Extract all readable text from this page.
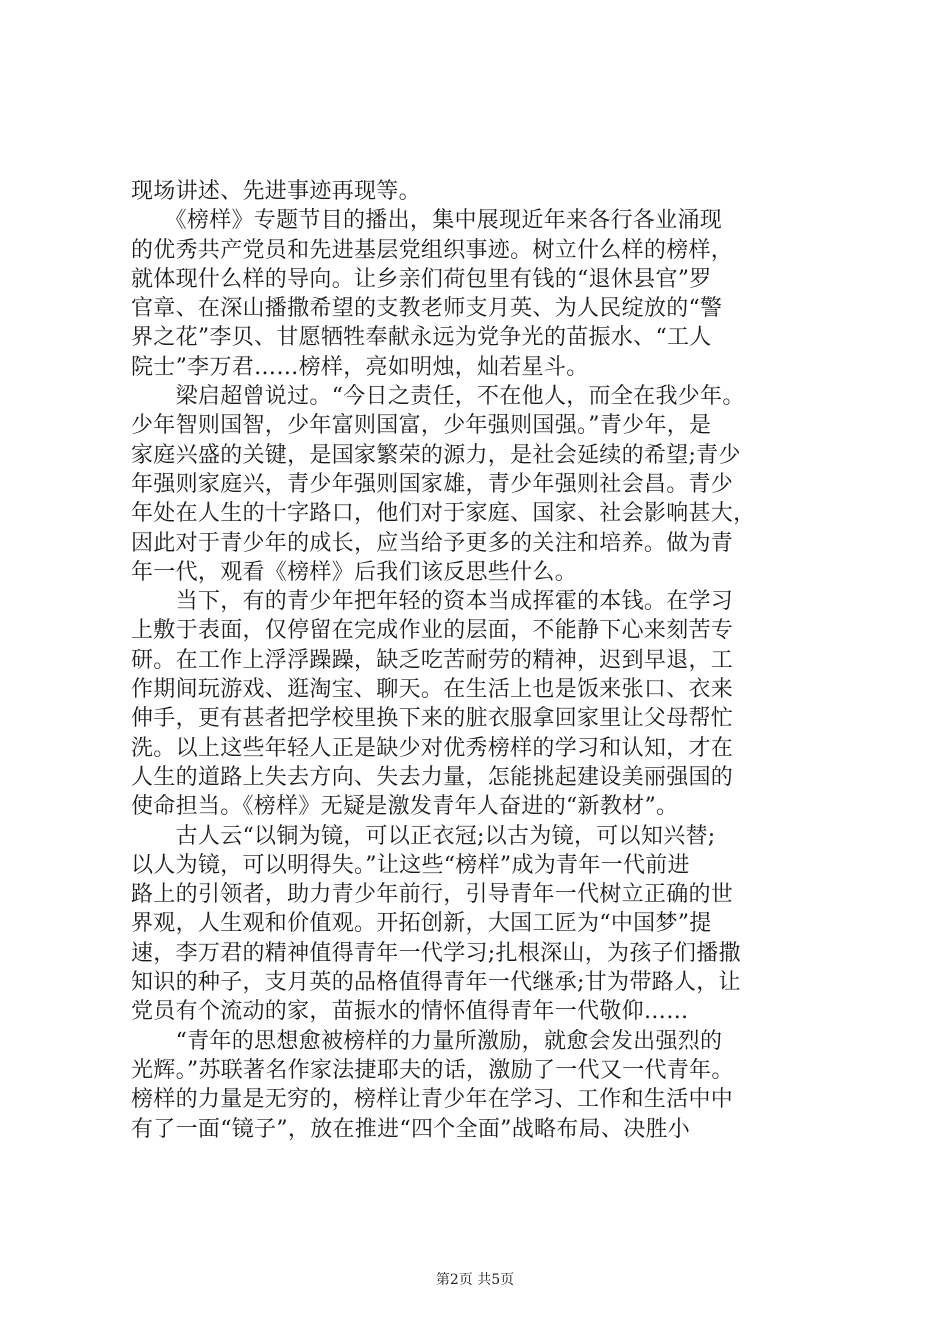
现场讲述、先进事迹再现等。
　　《榜样》专题节目的播出，集中展现近年来各行各业涌现
的优秀共产党员和先进基层党组织事迹。树立什么样的榜样，
就体现什么样的导向。让乡亲们荷包里有钱的“退休县官”罗
官章、在深山播撒希望的支教老师支月英、为人民绽放的“警
界之花”李贝、甘愿牺牲奉献永远为党争光的苗振水、“工人
院士”李万君……榜样，亮如明烛，灿若星斗。
　　梁启超曾说过。“今日之责任，不在他人，而全在我少年。
少年智则国智，少年富则国富，少年强则国强。”青少年，是
家庭兴盛的关键，是国家繁荣的源力，是社会延续的希望;青少
年强则家庭兴，青少年强则国家雄，青少年强则社会昌。青少
年处在人生的十字路口，他们对于家庭、国家、社会影响甚大，
因此对于青少年的成长，应当给予更多的关注和培养。做为青
年一代，观看《榜样》后我们该反思些什么。
　　当下，有的青少年把年轻的资本当成挥霍的本钱。在学习
上敷于表面，仅停留在完成作业的层面，不能静下心来刻苦专
研。在工作上浮浮躁躁，缺乏吃苦耐劳的精神，迟到早退，工
作期间玩游戏、逛淘宝、聊天。在生活上也是饭来张口、衣来
伸手，更有甚者把学校里换下来的脏衣服拿回家里让父母帮忙
洗。以上这些年轻人正是缺少对优秀榜样的学习和认知，才在
人生的道路上失去方向、失去力量，怎能挑起建设美丽强国的
使命担当。《榜样》无疑是激发青年人奋进的“新教材”。
　　古人云“以铜为镜，可以正衣冠;以古为镜，可以知兴替;
以人为镜，可以明得失。”让这些“榜样”成为青年一代前进
路上的引领者，助力青少年前行，引导青年一代树立正确的世
界观，人生观和价值观。开拓创新，大国工匠为“中国梦”提
速，李万君的精神值得青年一代学习;扎根深山，为孩子们播撒
知识的种子，支月英的品格值得青年一代继承;甘为带路人，让
党员有个流动的家，苗振水的情怀值得青年一代敬仰……
　　“青年的思想愈被榜样的力量所激励，就愈会发出强烈的
光辉。”苏联著名作家法捷耶夫的话，激励了一代又一代青年。
榜样的力量是无穷的，榜样让青少年在学习、工作和生活中中
有了一面“镜子”，放在推进“四个全面”战略布局、决胜小
第2页 共5页
